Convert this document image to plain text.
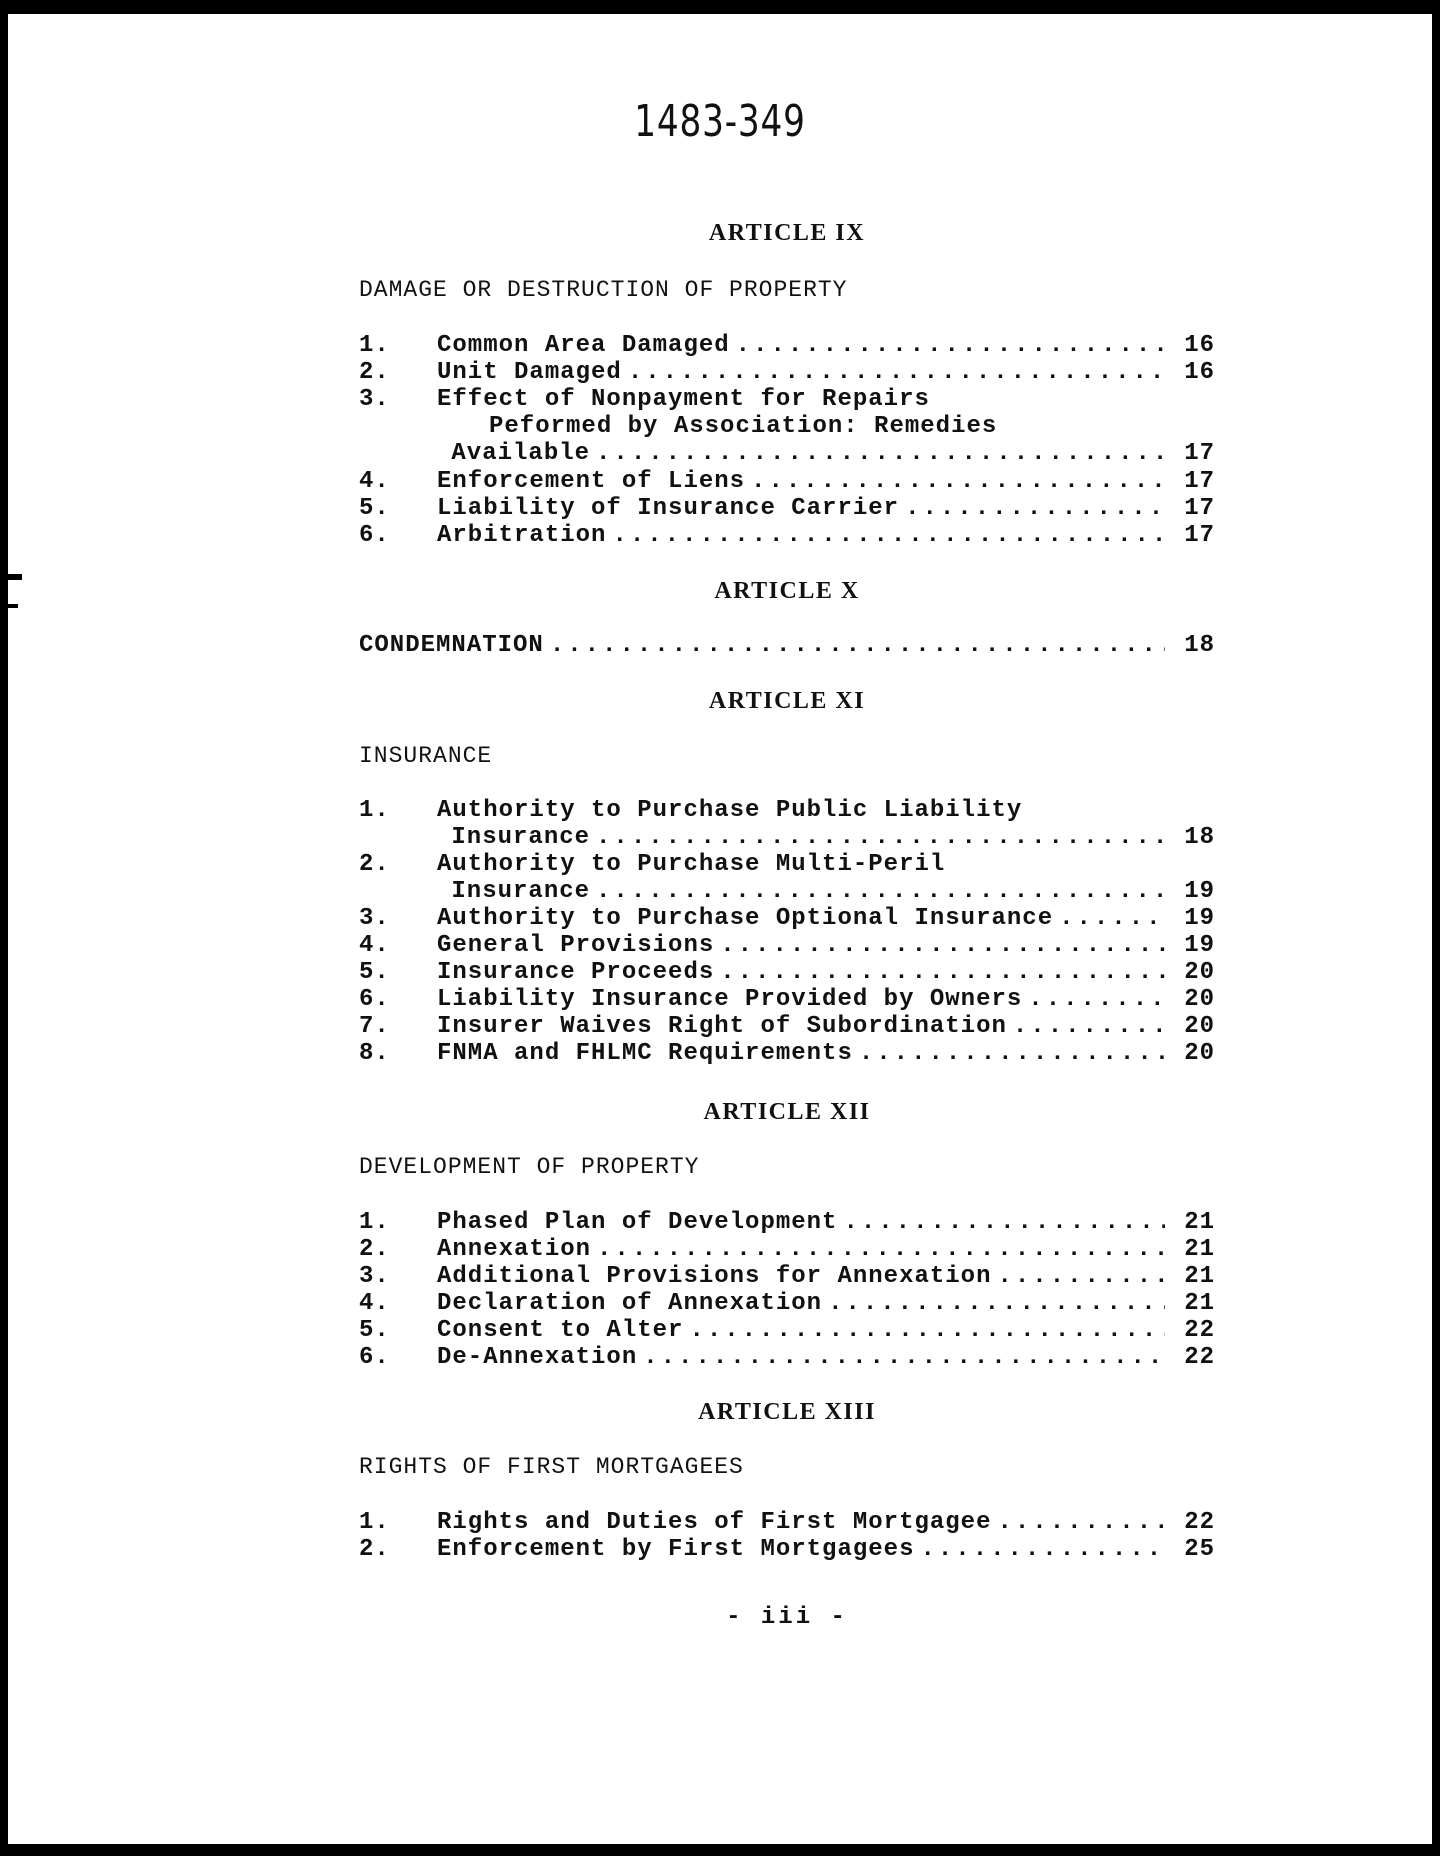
1483-349
ARTICLE IX
DAMAGE OR DESTRUCTION OF PROPERTY
1.	Common Area Damaged .....	16
2.	Unit Damaged .....	16
3.	Effect of Nonpayment for Repairs
Peformed by Association: Remedies
Available .....	17
4.	Enforcement of Liens .....	17
5.	Liability of Insurance Carrier .....	17
6.	Arbitration .....	17
ARTICLE X
CONDEMNATION .....	18
ARTICLE XI
INSURANCE
1.	Authority to Purchase Public Liability
Insurance .....	18
2.	Authority to Purchase Multi-Peril
Insurance .....	19
3.	Authority to Purchase Optional Insurance .....	19
4.	General Provisions .....	19
5.	Insurance Proceeds .....	20
6.	Liability Insurance Provided by Owners .....	20
7.	Insurer Waives Right of Subordination .....	20
8.	FNMA and FHLMC Requirements .....	20
ARTICLE XII
DEVELOPMENT OF PROPERTY
1.	Phased Plan of Development .....	21
2.	Annexation .....	21
3.	Additional Provisions for Annexation .....	21
4.	Declaration of Annexation .....	21
5.	Consent to Alter .....	22
6.	De-Annexation .....	22
ARTICLE XIII
RIGHTS OF FIRST MORTGAGEES
1.	Rights and Duties of First Mortgagee .....	22
2.	Enforcement by First Mortgagees .....	25
- iii -
